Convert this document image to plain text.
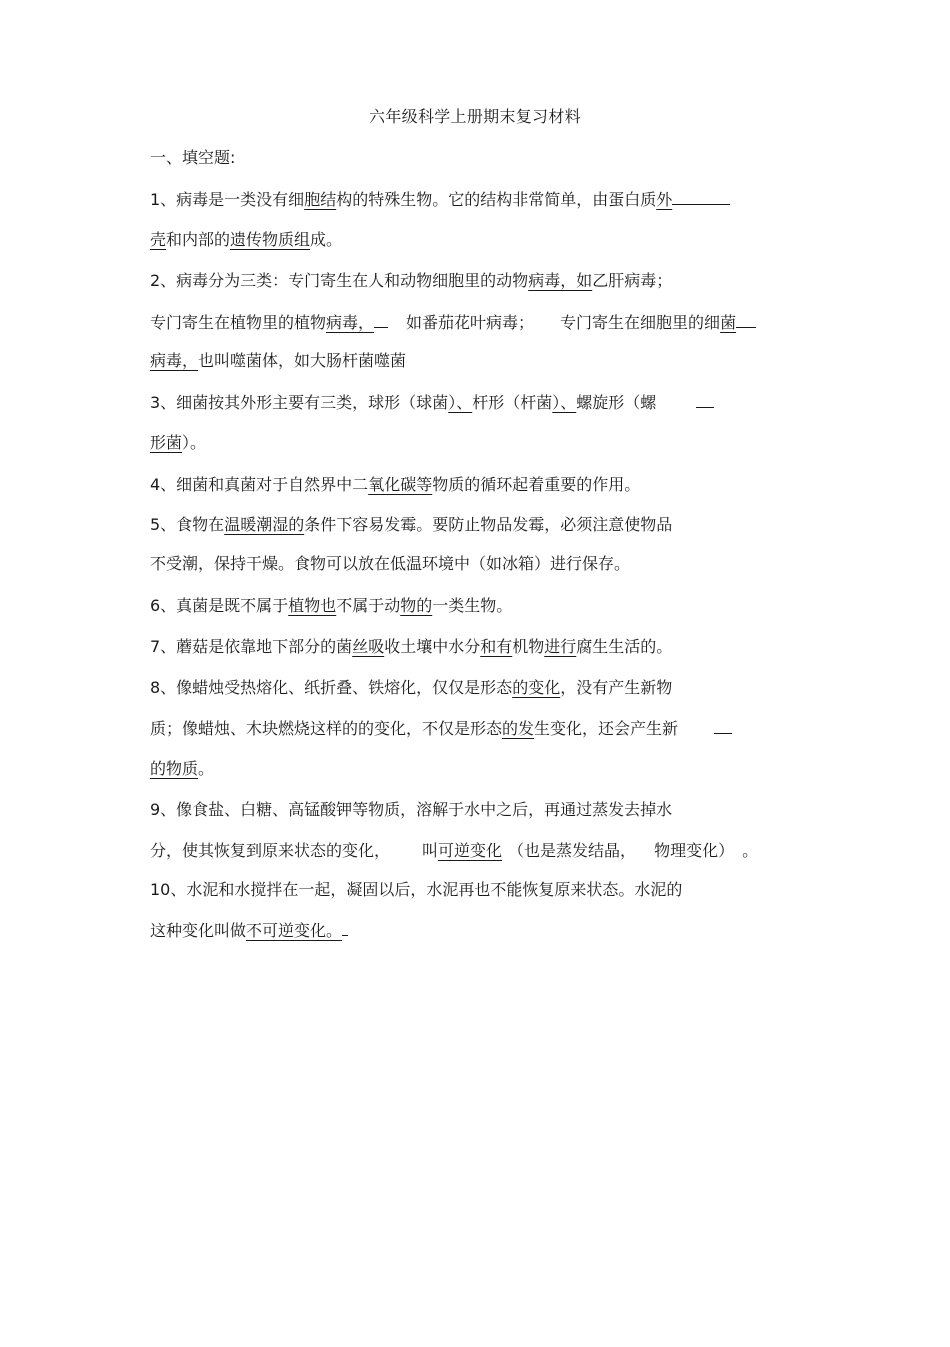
六年级科学上册期末复习材料
一、填空题:
1、病毒是一类没有细胞结构的特殊生物。它的结构非常简单，由蛋白质外
壳和内部的遗传物质组成。
2、病毒分为三类：专门寄生在人和动物细胞里的动物病毒，如乙肝病毒；
专门寄生在植物里的植物病毒， 如番茄花叶病毒； 专门寄生在细胞里的细菌
病毒，也叫噬菌体，如大肠杆菌噬菌
3、细菌按其外形主要有三类，球形（球菌）、杆形（杆菌）、螺旋形（螺
形菌）。
4、细菌和真菌对于自然界中二氧化碳等物质的循环起着重要的作用。
5、食物在温暖潮湿的条件下容易发霉。要防止物品发霉，必须注意使物品
不受潮，保持干燥。食物可以放在低温环境中（如冰箱）进行保存。
6、真菌是既不属于植物也不属于动物的一类生物。
7、蘑菇是依靠地下部分的菌丝吸收土壤中水分和有机物进行腐生生活的。
8、像蜡烛受热熔化、纸折叠、铁熔化，仅仅是形态的变化，没有产生新物
质；像蜡烛、木块燃烧这样的的变化，不仅是形态的发生变化，还会产生新
的物质。
9、像食盐、白糖、高锰酸钾等物质，溶解于水中之后，再通过蒸发去掉水
分，使其恢复到原来状态的变化， 叫可逆变化 （也是蒸发结晶， 物理变化） 。
10、水泥和水搅拌在一起，凝固以后，水泥再也不能恢复原来状态。水泥的
这种变化叫做不可逆变化。
